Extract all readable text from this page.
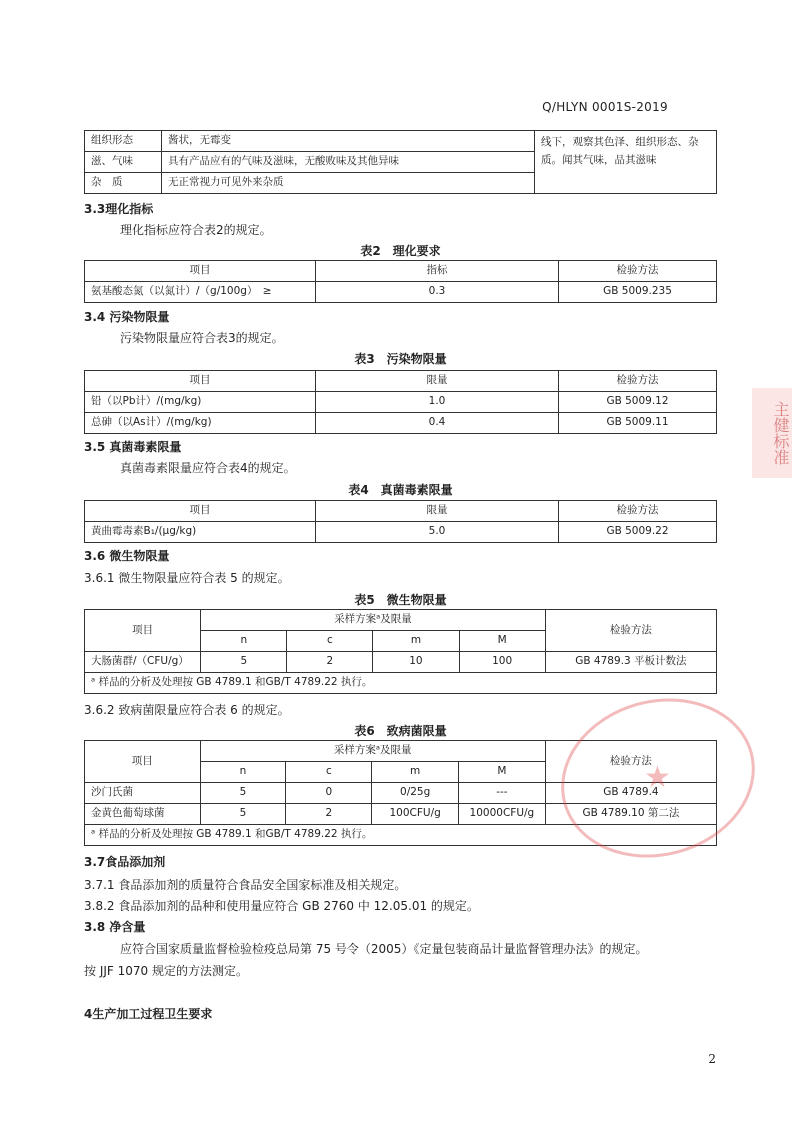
Q/HLYN 0001S-2019
组织形态	酱状，无霉变	线下，观察其色泽、组织形态、杂质。闻其气味，品其滋味
滋、气味	具有产品应有的气味及滋味，无酸败味及其他异味	
杂　质	无正常视力可见外来杂质	
3.3理化指标
理化指标应符合表2的规定。
表2　理化要求
项目	指标	检验方法
氨基酸态氮（以氮计）/（g/100g）　≥	0.3	GB 5009.235
3.4 污染物限量
污染物限量应符合表3的规定。
表3　污染物限量
项目	限量	检验方法
铅（以Pb计）/(mg/kg)	1.0	GB 5009.12
总砷（以As计）/(mg/kg)	0.4	GB 5009.11
3.5 真菌毒素限量
真菌毒素限量应符合表4的规定。
表4　真菌毒素限量
项目	限量	检验方法
黄曲霉毒素B₁/(μg/kg)	5.0	GB 5009.22
3.6 微生物限量
3.6.1 微生物限量应符合表 5 的规定。
表5　微生物限量
项目	采样方案ᵃ及限量				检验方法
	n	c	m	M	
大肠菌群/（CFU/g）	5	2	10	100	GB 4789.3 平板计数法
ᵃ 样品的分析及处理按 GB 4789.1 和GB/T 4789.22 执行。					
3.6.2 致病菌限量应符合表 6 的规定。
表6　致病菌限量
项目	采样方案ᵃ及限量				检验方法
	n	c	m	M	
沙门氏菌	5	0	0/25g	---	GB 4789.4
金黄色葡萄球菌	5	2	100CFU/g	10000CFU/g	GB 4789.10 第二法
ᵃ 样品的分析及处理按 GB 4789.1 和GB/T 4789.22 执行。					
3.7食品添加剂
3.7.1 食品添加剂的质量符合食品安全国家标准及相关规定。
3.8.2 食品添加剂的品种和使用量应符合 GB 2760 中 12.05.01 的规定。
3.8 净含量
应符合国家质量监督检验检疫总局第 75 号令（2005）《定量包装商品计量监督管理办法》的规定。
按 JJF 1070 规定的方法测定。
4生产加工过程卫生要求
2
★
主健标准
